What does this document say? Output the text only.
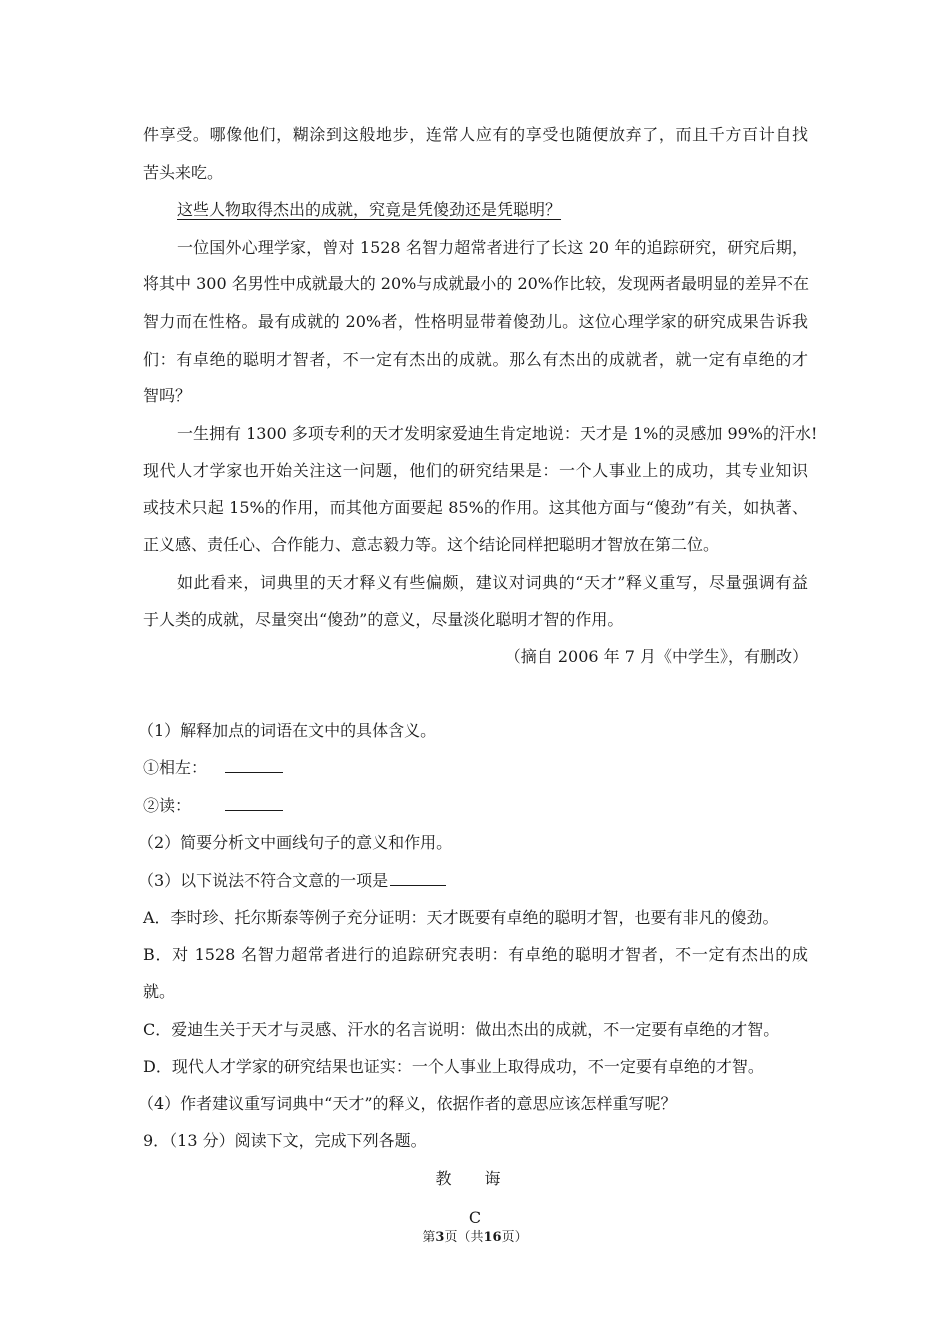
件享受。哪像他们，糊涂到这般地步，连常人应有的享受也随便放弃了，而且千方百计自找
苦头来吃。
这些人物取得杰出的成就，究竟是凭傻劲还是凭聪明？
一位国外心理学家，曾对 1528 名智力超常者进行了长这 20 年的追踪研究，研究后期，
将其中 300 名男性中成就最大的 20%与成就最小的 20%作比较，发现两者最明显的差异不在
智力而在性格。最有成就的 20%者，性格明显带着傻劲儿。这位心理学家的研究成果告诉我
们：有卓绝的聪明才智者，不一定有杰出的成就。那么有杰出的成就者，就一定有卓绝的才
智吗？
一生拥有 1300 多项专利的天才发明家爱迪生肯定地说：天才是 1%的灵感加 99%的汗水!
现代人才学家也开始关注这一问题，他们的研究结果是：一个人事业上的成功，其专业知识
或技术只起 15%的作用，而其他方面要起 85%的作用。这其他方面与“傻劲”有关，如执著、
正义感、责任心、合作能力、意志毅力等。这个结论同样把聪明才智放在第二位。
如此看来，词典里的天才释义有些偏颇，建议对词典的“天才”释义重写，尽量强调有益
于人类的成就，尽量突出“傻劲”的意义，尽量淡化聪明才智的作用。
（摘自 2006 年 7 月《中学生》，有删改）
（1）解释加点的词语在文中的具体含义。
①相左：
②读：
（2）简要分析文中画线句子的意义和作用。
（3）以下说法不符合文意的一项是
A．李时珍、托尔斯泰等例子充分证明：天才既要有卓绝的聪明才智，也要有非凡的傻劲。
B．对 1528 名智力超常者进行的追踪研究表明：有卓绝的聪明才智者，不一定有杰出的成
就。
C．爱迪生关于天才与灵感、汗水的名言说明：做出杰出的成就，不一定要有卓绝的才智。
D．现代人才学家的研究结果也证实：一个人事业上取得成功，不一定要有卓绝的才智。
（4）作者建议重写词典中“天才”的释义，依据作者的意思应该怎样重写呢？
9．（13 分）阅读下文，完成下列各题。
教 诲
C
第3页（共16页）
